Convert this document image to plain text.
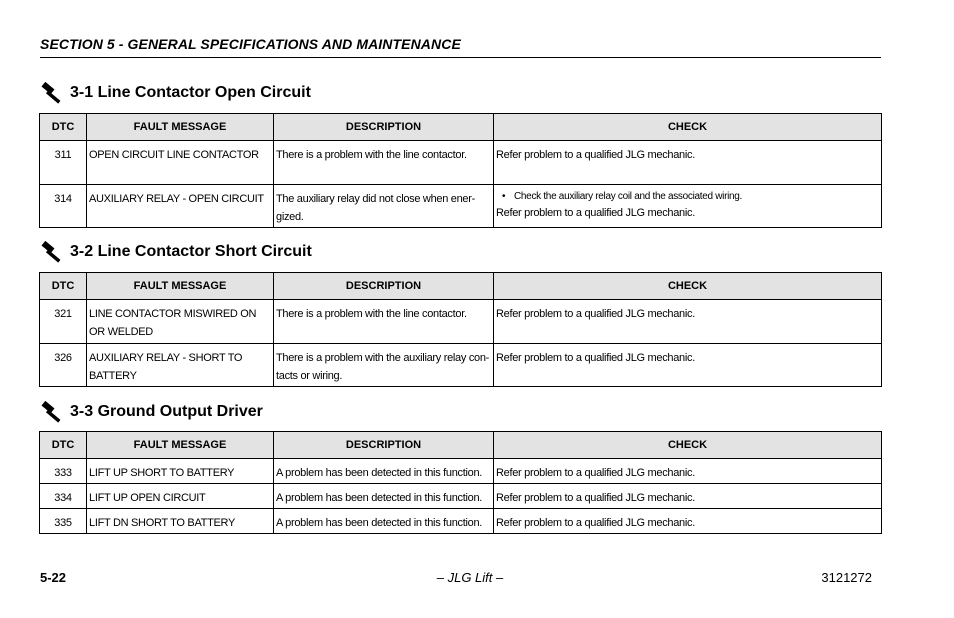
SECTION 5 - GENERAL SPECIFICATIONS AND MAINTENANCE
3-1 Line Contactor Open Circuit
DTC	FAULT MESSAGE	DESCRIPTION	CHECK
311	OPEN CIRCUIT LINE CONTACTOR	There is a problem with the line contactor.	Refer problem to a qualified JLG mechanic.
314	AUXILIARY RELAY - OPEN CIRCUIT	The auxiliary relay did not close when ener-gized.	• Check the auxiliary relay coil and the associated wiring.
Refer problem to a qualified JLG mechanic.
3-2 Line Contactor Short Circuit
DTC	FAULT MESSAGE	DESCRIPTION	CHECK
321	LINE CONTACTOR MISWIRED ON OR WELDED	There is a problem with the line contactor.	Refer problem to a qualified JLG mechanic.
326	AUXILIARY RELAY - SHORT TO BATTERY	There is a problem with the auxiliary relay con-tacts or wiring.	Refer problem to a qualified JLG mechanic.
3-3 Ground Output Driver
DTC	FAULT MESSAGE	DESCRIPTION	CHECK
333	LIFT UP SHORT TO BATTERY	A problem has been detected in this function.	Refer problem to a qualified JLG mechanic.
334	LIFT UP OPEN CIRCUIT	A problem has been detected in this function.	Refer problem to a qualified JLG mechanic.
335	LIFT DN SHORT TO BATTERY	A problem has been detected in this function.	Refer problem to a qualified JLG mechanic.
5-22	– JLG Lift –	3121272
